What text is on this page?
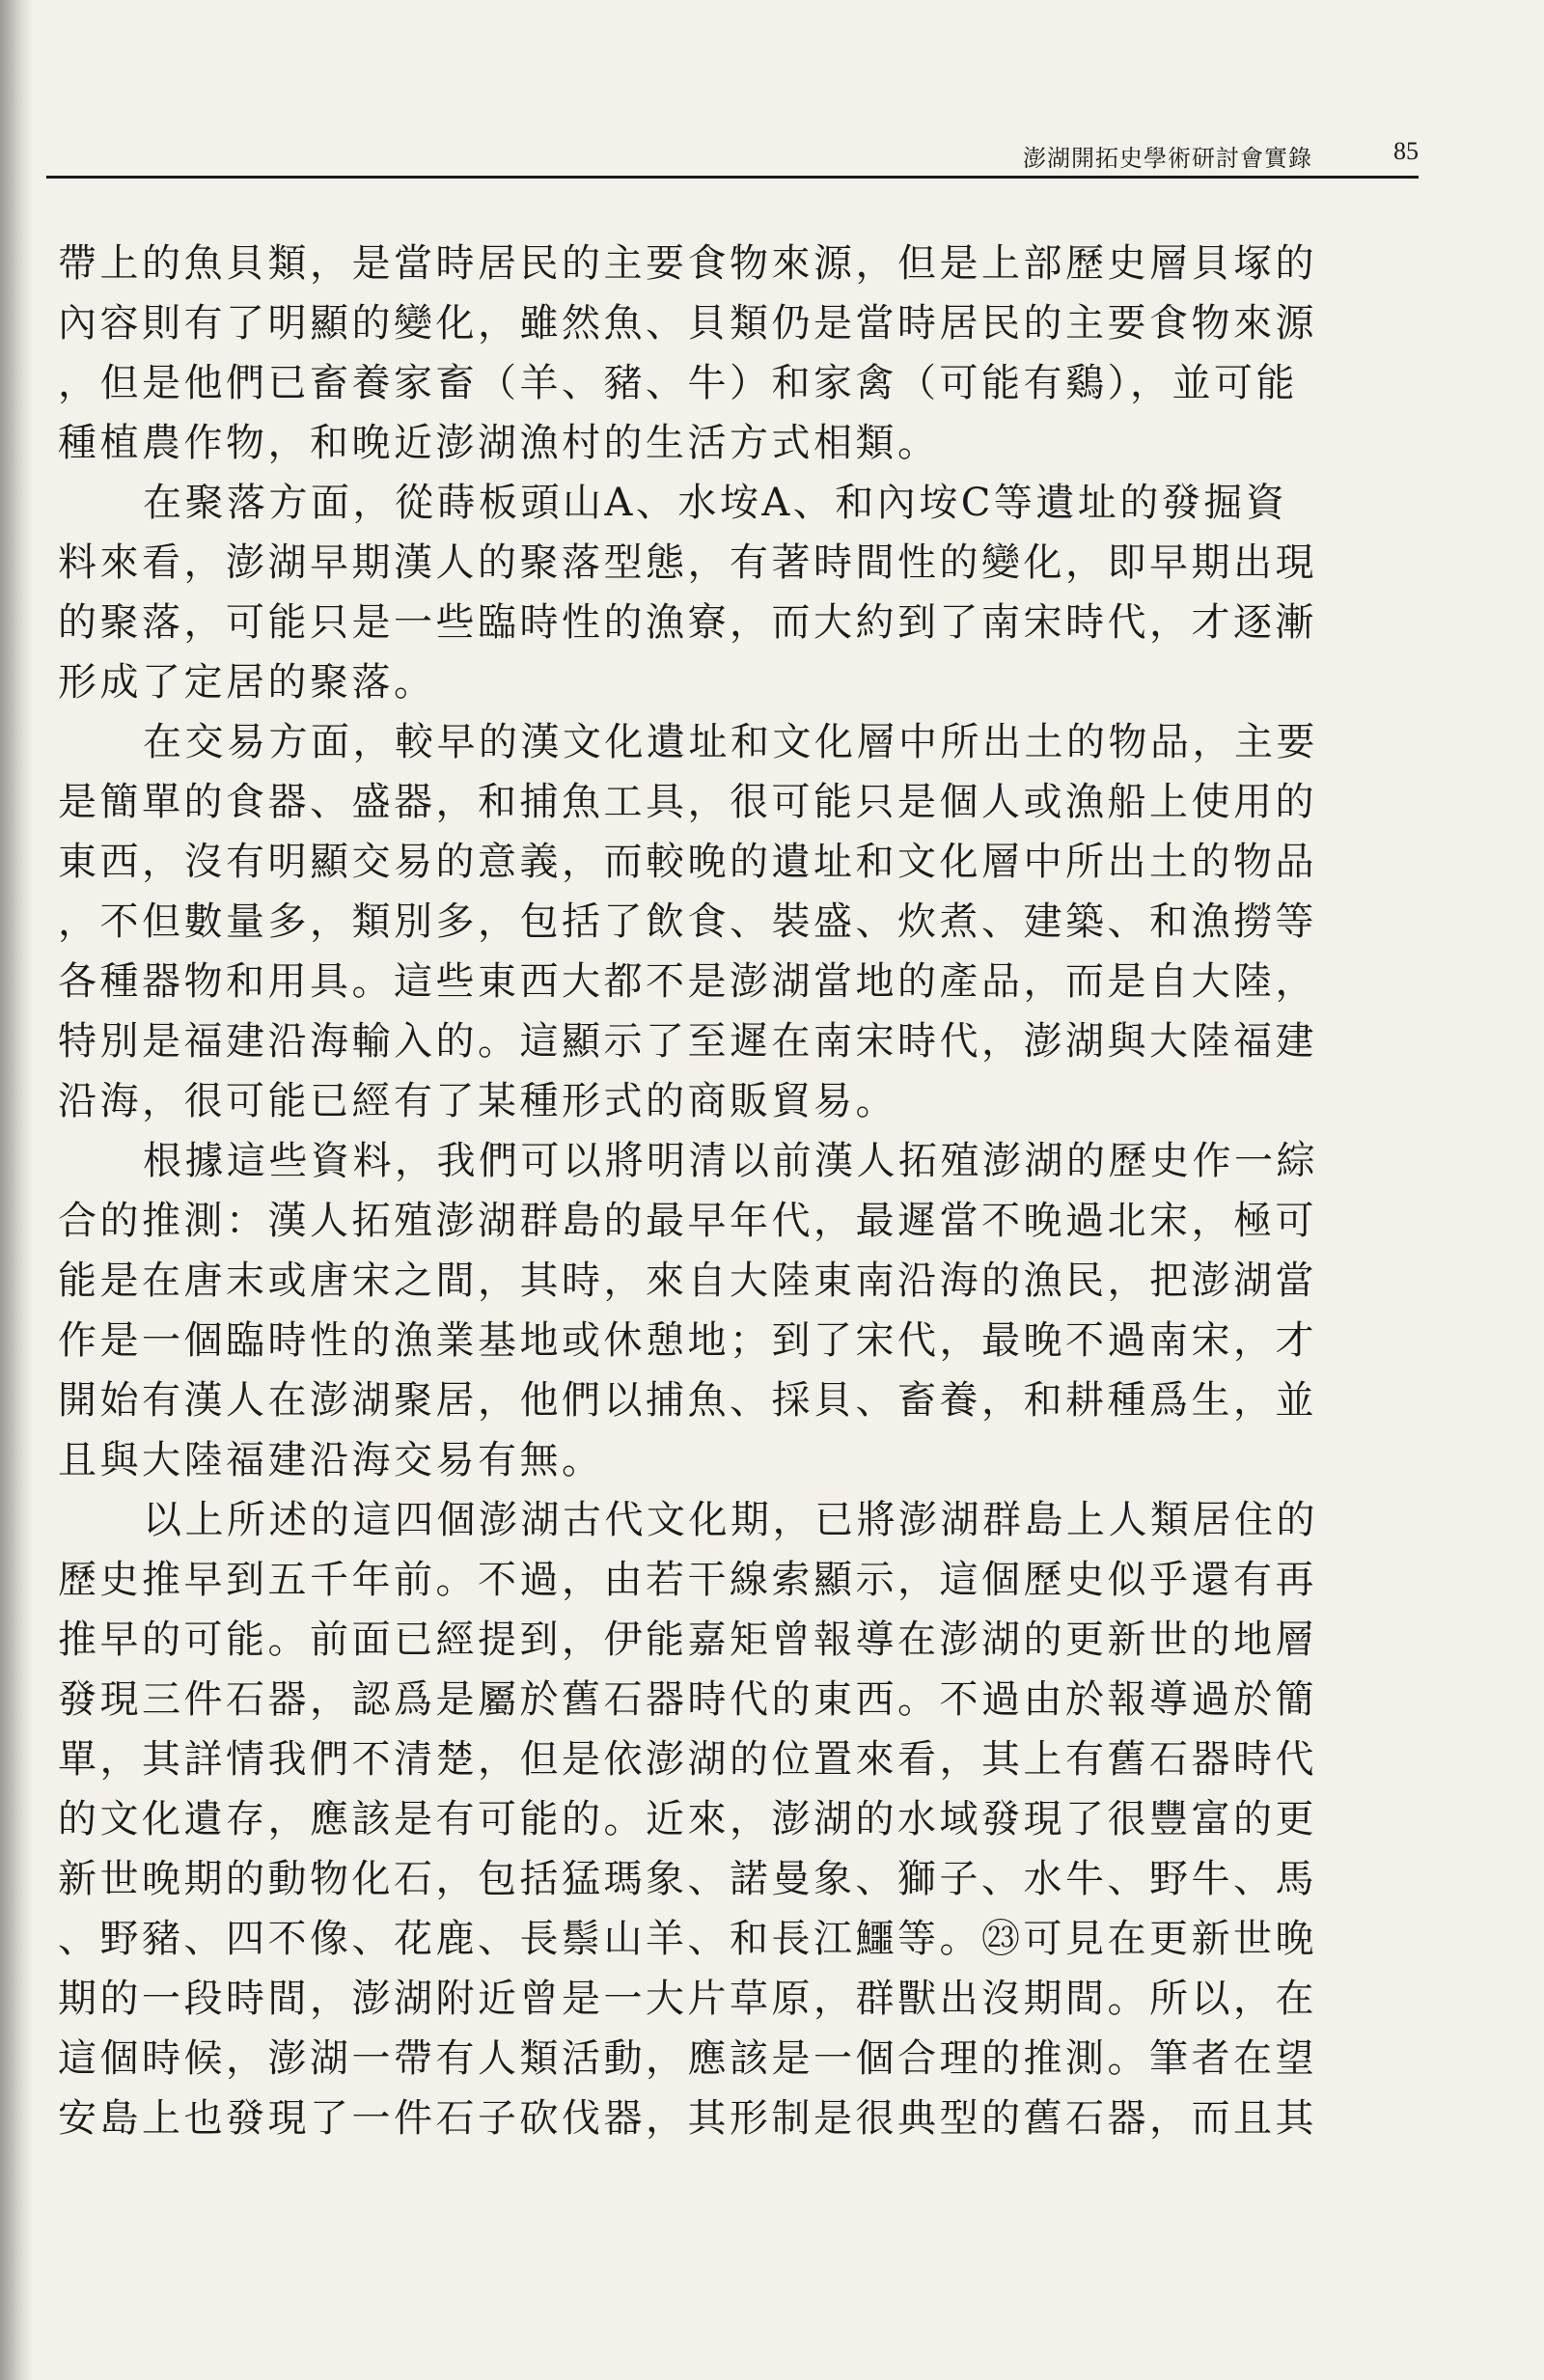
澎湖開拓史學術研討會實錄	85
帶上的魚貝類，是當時居民的主要食物來源，但是上部歷史層貝塚的
內容則有了明顯的變化，雖然魚、貝類仍是當時居民的主要食物來源
，但是他們已畜養家畜（羊、豬、牛）和家禽（可能有鷄），並可能
種植農作物，和晚近澎湖漁村的生活方式相類。
在聚落方面，從蒔板頭山A、水垵A、和內垵C等遺址的發掘資
料來看，澎湖早期漢人的聚落型態，有著時間性的變化，即早期出現
的聚落，可能只是一些臨時性的漁寮，而大約到了南宋時代，才逐漸
形成了定居的聚落。
在交易方面，較早的漢文化遺址和文化層中所出土的物品，主要
是簡單的食器、盛器，和捕魚工具，很可能只是個人或漁船上使用的
東西，沒有明顯交易的意義，而較晚的遺址和文化層中所出土的物品
，不但數量多，類別多，包括了飲食、裝盛、炊煮、建築、和漁撈等
各種器物和用具。這些東西大都不是澎湖當地的產品，而是自大陸，
特別是福建沿海輸入的。這顯示了至遲在南宋時代，澎湖與大陸福建
沿海，很可能已經有了某種形式的商販貿易。
根據這些資料，我們可以將明清以前漢人拓殖澎湖的歷史作一綜
合的推測：漢人拓殖澎湖群島的最早年代，最遲當不晚過北宋，極可
能是在唐末或唐宋之間，其時，來自大陸東南沿海的漁民，把澎湖當
作是一個臨時性的漁業基地或休憩地；到了宋代，最晚不過南宋，才
開始有漢人在澎湖聚居，他們以捕魚、採貝、畜養，和耕種爲生，並
且與大陸福建沿海交易有無。
以上所述的這四個澎湖古代文化期，已將澎湖群島上人類居住的
歷史推早到五千年前。不過，由若干線索顯示，這個歷史似乎還有再
推早的可能。前面已經提到，伊能嘉矩曾報導在澎湖的更新世的地層
發現三件石器，認爲是屬於舊石器時代的東西。不過由於報導過於簡
單，其詳情我們不清楚，但是依澎湖的位置來看，其上有舊石器時代
的文化遺存，應該是有可能的。近來，澎湖的水域發現了很豐富的更
新世晚期的動物化石，包括猛瑪象、諾曼象、獅子、水牛、野牛、馬
、野豬、四不像、花鹿、長鬃山羊、和長江鱷等。㉓可見在更新世晚
期的一段時間，澎湖附近曾是一大片草原，群獸出沒期間。所以，在
這個時候，澎湖一帶有人類活動，應該是一個合理的推測。筆者在望
安島上也發現了一件石子砍伐器，其形制是很典型的舊石器，而且其
